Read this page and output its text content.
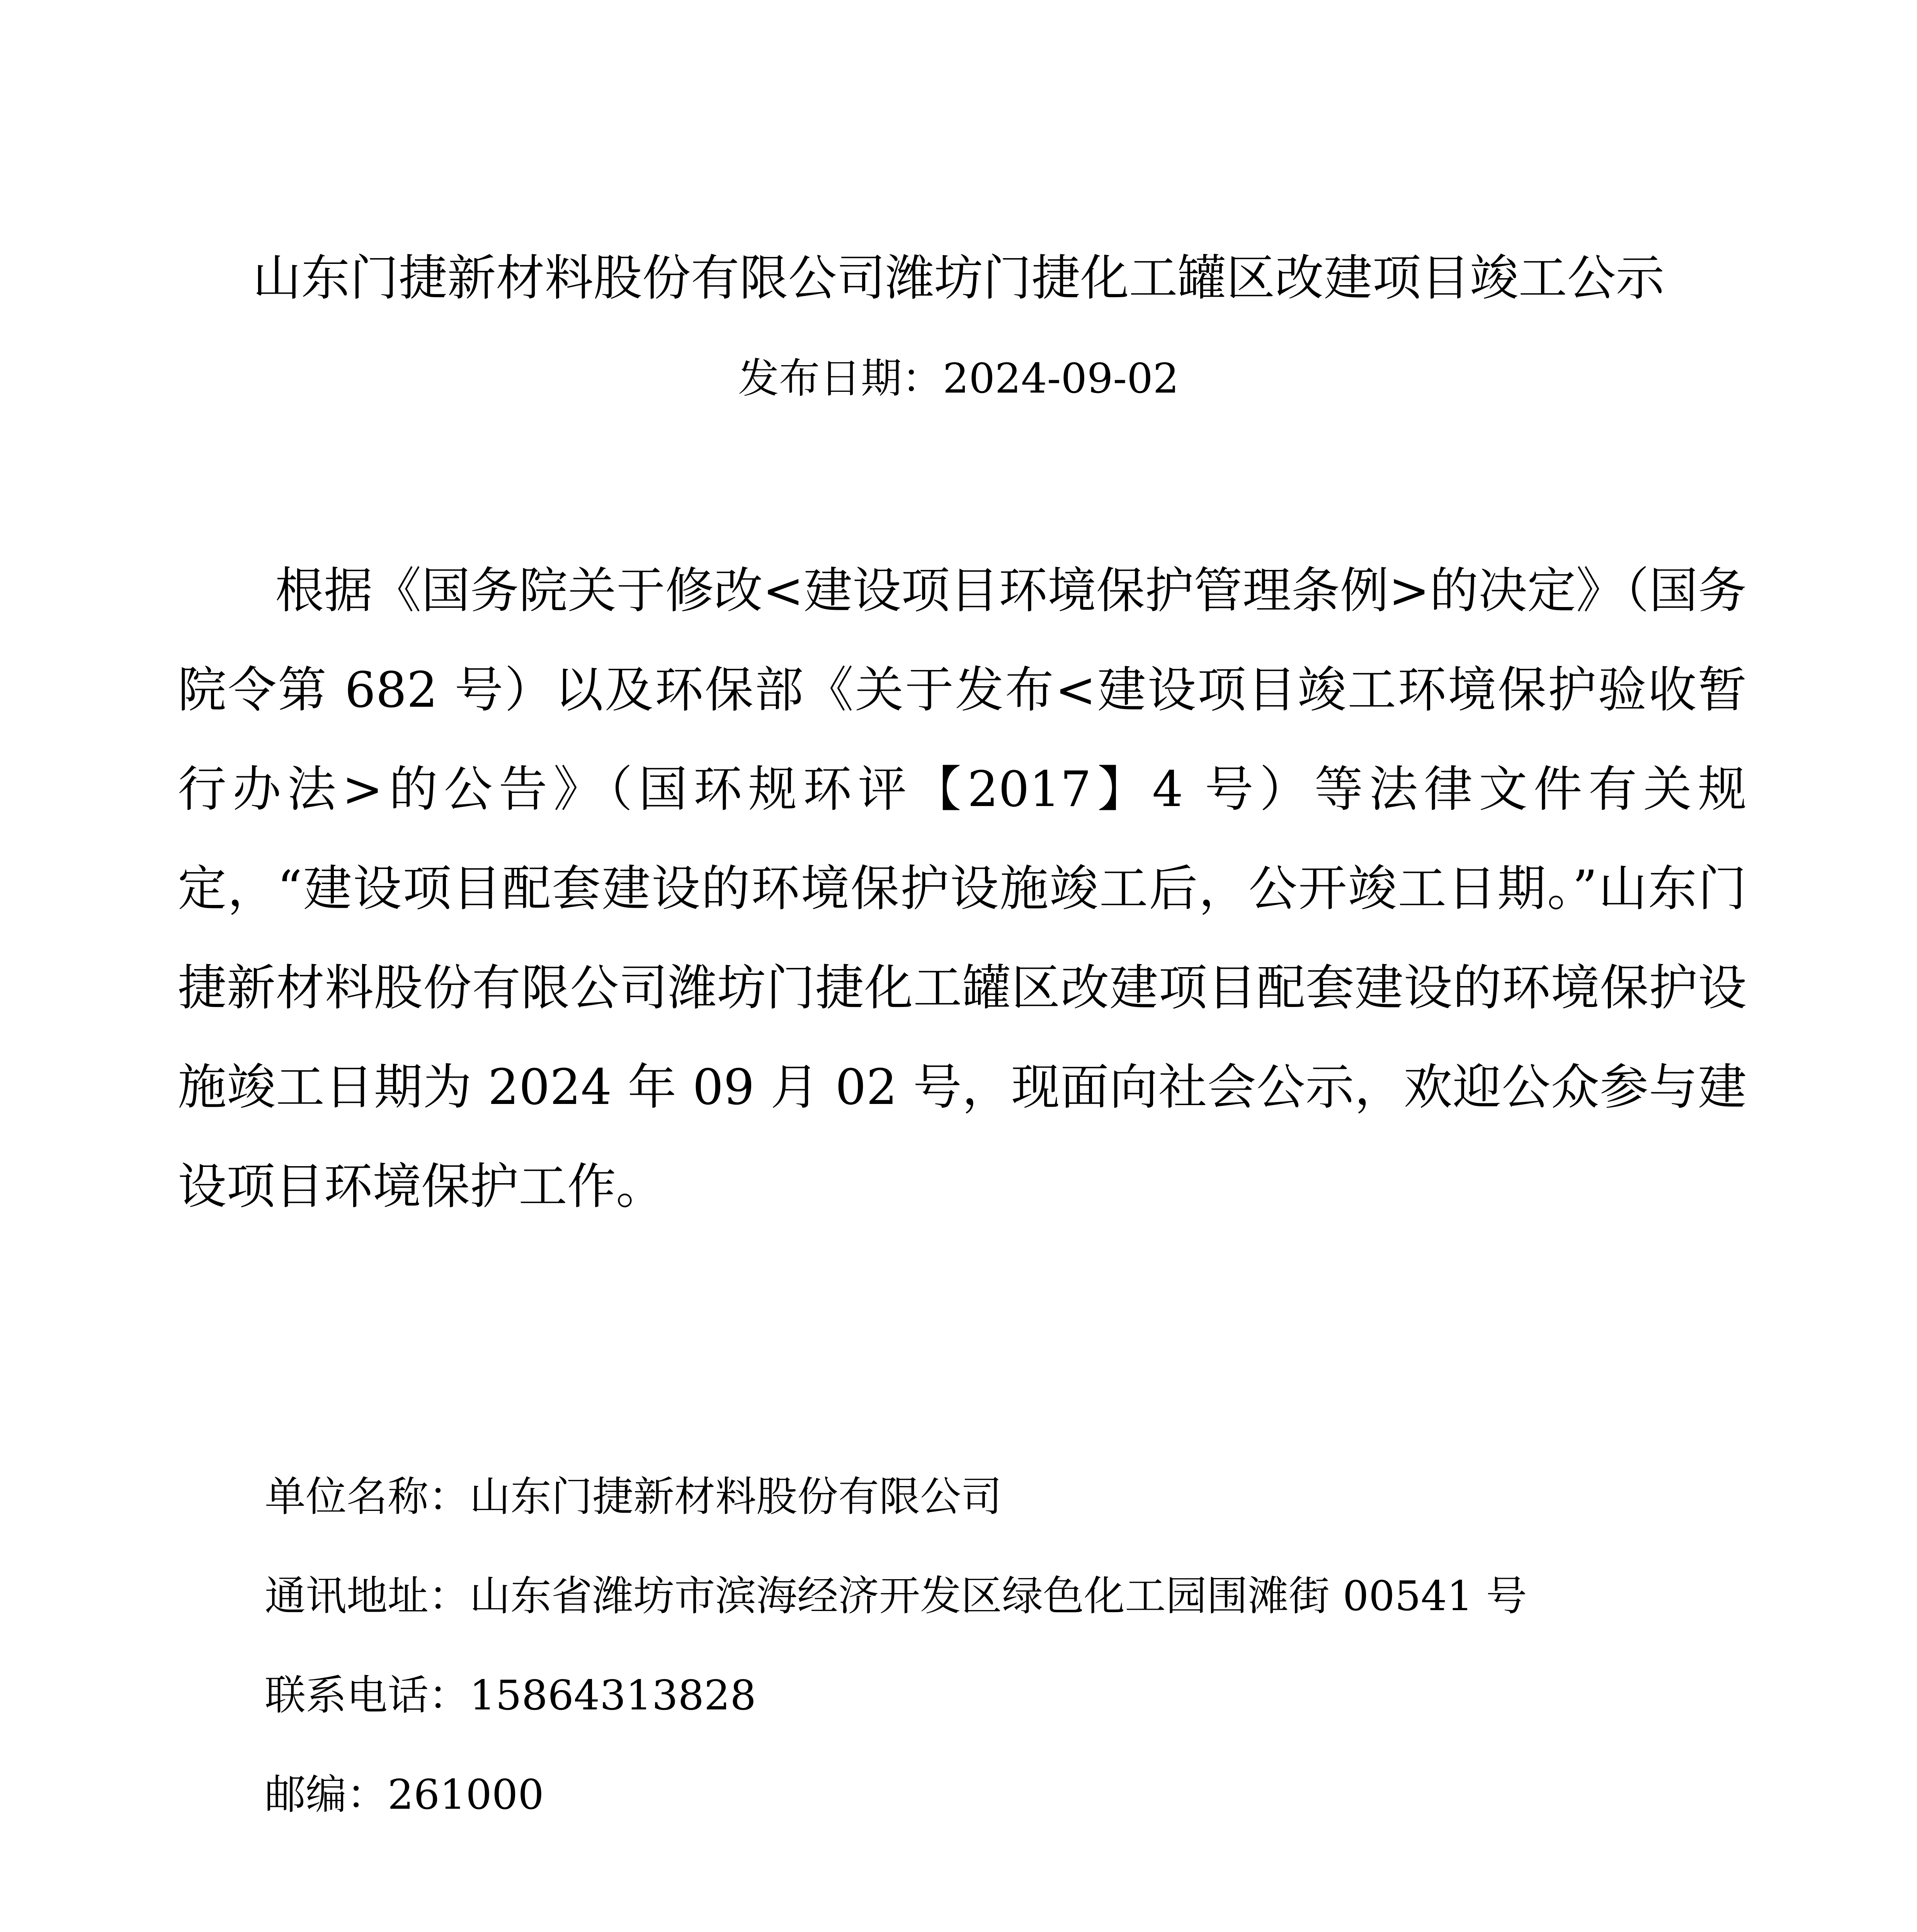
山东门捷新材料股份有限公司潍坊门捷化工罐区改建项目竣工公示
发布日期：2024-09-02
根据《国务院关于修改<建设项目环境保护管理条例>的决定》（国务院令第 682 号）以及环保部《关于发布<建设项目竣工环境保护验收暂行办法>的公告》（国环规环评【2017】4 号）等法律文件有关规定，“建设项目配套建设的环境保护设施竣工后，公开竣工日期。”山东门捷新材料股份有限公司潍坊门捷化工罐区改建项目配套建设的环境保护设施竣工日期为 2024 年 09 月 02 号，现面向社会公示，欢迎公众参与建设项目环境保护工作。
单位名称：山东门捷新材料股份有限公司
通讯地址：山东省潍坊市滨海经济开发区绿色化工园围滩街 00541 号
联系电话：15864313828
邮编：261000
